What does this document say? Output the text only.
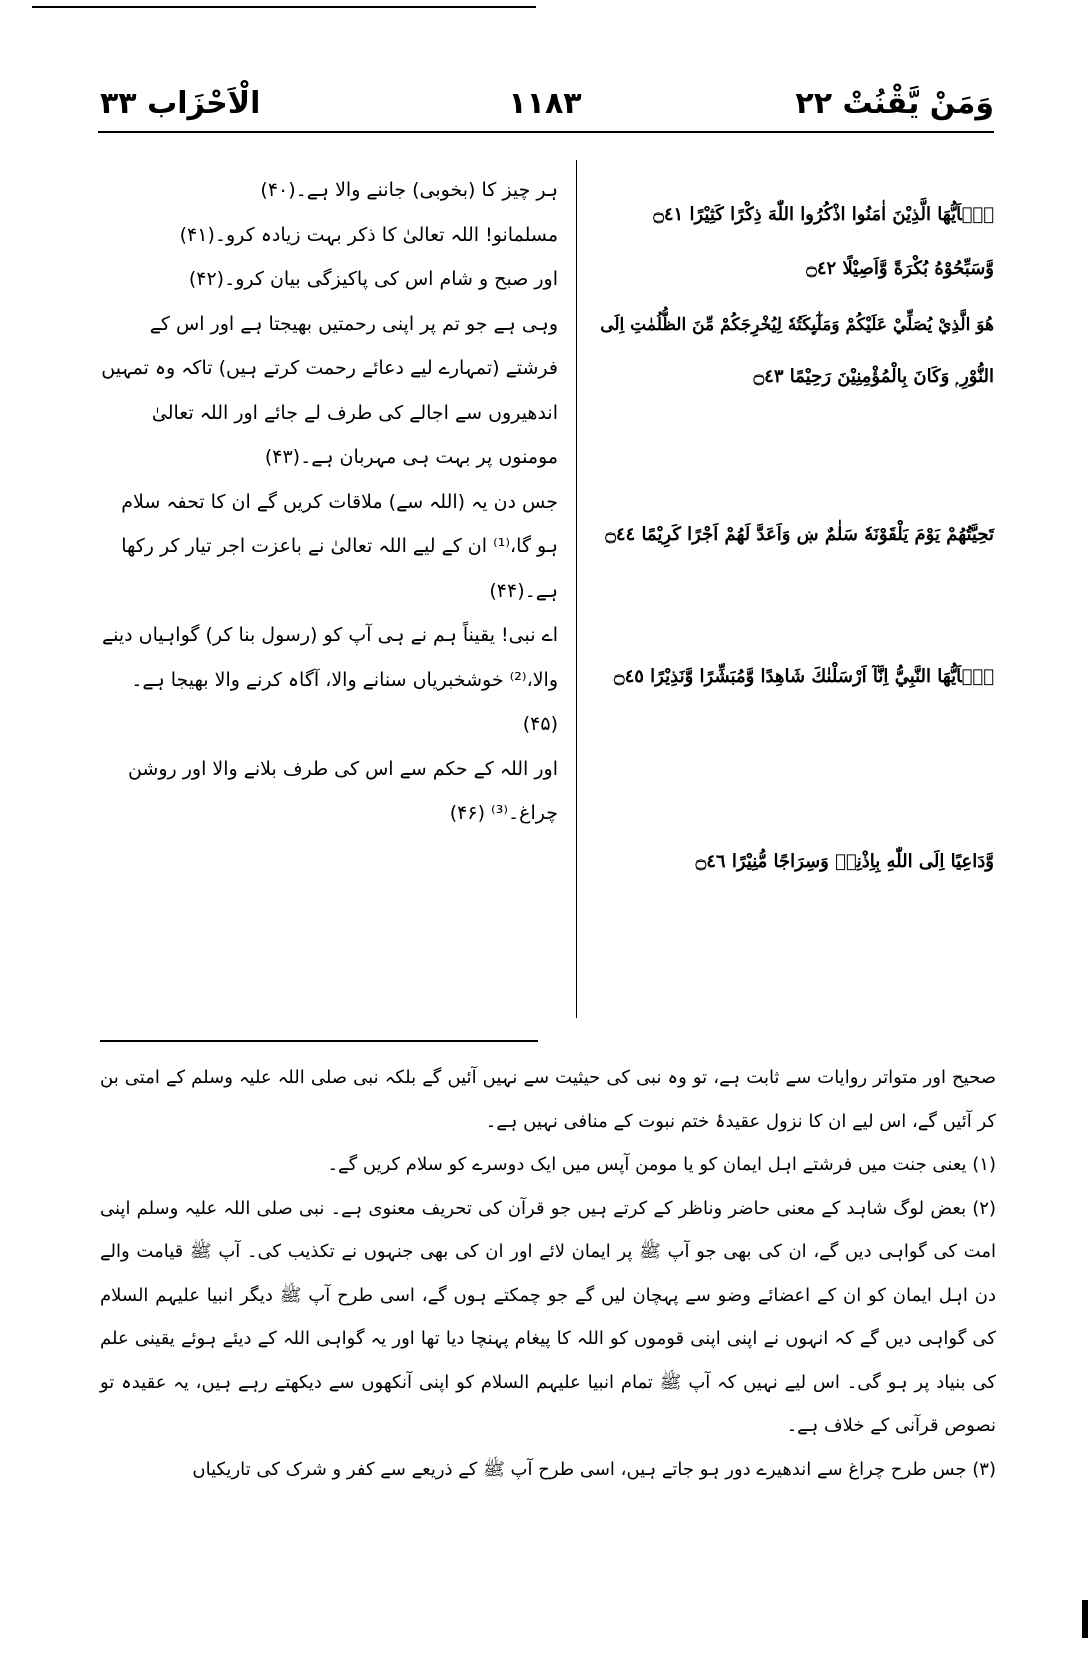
وَمَنْ يَّقْنُتْ ۲۲
۱۱۸۳
الْاَحْزَاب ۳۳

ہر چیز کا (بخوبی) جاننے والا ہے۔(۴۰)

مسلمانو! اللہ تعالیٰ کا ذکر بہت زیادہ کرو۔(۴۱)

اور صبح و شام اس کی پاکیزگی بیان کرو۔(۴۲)

وہی ہے جو تم پر اپنی رحمتیں بھیجتا ہے اور اس کے فرشتے (تمہارے لیے دعائے رحمت کرتے ہیں) تاکہ وہ تمہیں اندھیروں سے اجالے کی طرف لے جائے اور اللہ تعالیٰ مومنوں پر بہت ہی مہربان ہے۔(۴۳)

جس دن یہ (اللہ سے) ملاقات کریں گے ان کا تحفہ سلام ہو گا،⁽¹⁾ ان کے لیے اللہ تعالیٰ نے باعزت اجر تیار کر رکھا ہے۔(۴۴)

اے نبی! یقیناً ہم نے ہی آپ کو (رسول بنا کر) گواہیاں دینے والا،⁽²⁾ خوشخبریاں سنانے والا، آگاہ کرنے والا بھیجا ہے۔(۴۵)

اور اللہ کے حکم سے اس کی طرف بلانے والا اور روشن چراغ۔⁽³⁾ (۴۶)

يٰۤاَيُّهَا الَّذِيْنَ اٰمَنُوا اذْكُرُوا اللّٰهَ ذِكْرًا كَثِيْرًا ۝٤١
وَّسَبِّحُوْهُ بُكْرَةً وَّاَصِيْلًا ۝٤٢
هُوَ الَّذِيْ يُصَلِّيْ عَلَيْكُمْ وَمَلٰٓىِٕكَتُهٗ لِيُخْرِجَكُمْ مِّنَ الظُّلُمٰتِ اِلَى
النُّوْرِ ۭ وَكَانَ بِالْمُؤْمِنِيْنَ رَحِيْمًا ۝٤٣
تَحِيَّتُهُمْ يَوْمَ يَلْقَوْنَهٗ سَلٰمٌ ښ وَاَعَدَّ لَهُمْ اَجْرًا كَرِيْمًا ۝٤٤
يٰۤاَيُّهَا النَّبِيُّ اِنَّآ اَرْسَلْنٰكَ شَاهِدًا وَّمُبَشِّرًا وَّنَذِيْرًا ۝٤٥
وَّدَاعِيًا اِلَى اللّٰهِ بِاِذْنِهٖ وَسِرَاجًا مُّنِيْرًا ۝٤٦

صحیح اور متواتر روایات سے ثابت ہے، تو وہ نبی کی حیثیت سے نہیں آئیں گے بلکہ نبی صلی اللہ علیہ وسلم کے امتی بن کر آئیں گے، اس لیے ان کا نزول عقیدۂ ختم نبوت کے منافی نہیں ہے۔

(۱) یعنی جنت میں فرشتے اہل ایمان کو یا مومن آپس میں ایک دوسرے کو سلام کریں گے۔

(۲) بعض لوگ شاہد کے معنی حاضر وناظر کے کرتے ہیں جو قرآن کی تحریف معنوی ہے۔ نبی صلی اللہ علیہ وسلم اپنی امت کی گواہی دیں گے، ان کی بھی جو آپ ﷺ پر ایمان لائے اور ان کی بھی جنہوں نے تکذیب کی۔ آپ ﷺ قیامت والے دن اہل ایمان کو ان کے اعضائے وضو سے پہچان لیں گے جو چمکتے ہوں گے، اسی طرح آپ ﷺ دیگر انبیا علیہم السلام کی گواہی دیں گے کہ انہوں نے اپنی اپنی قوموں کو اللہ کا پیغام پہنچا دیا تھا اور یہ گواہی اللہ کے دیئے ہوئے یقینی علم کی بنیاد پر ہو گی۔ اس لیے نہیں کہ آپ ﷺ تمام انبیا علیہم السلام کو اپنی آنکھوں سے دیکھتے رہے ہیں، یہ عقیدہ تو نصوص قرآنی کے خلاف ہے۔

(۳) جس طرح چراغ سے اندھیرے دور ہو جاتے ہیں، اسی طرح آپ ﷺ کے ذریعے سے کفر و شرک کی تاریکیاں
